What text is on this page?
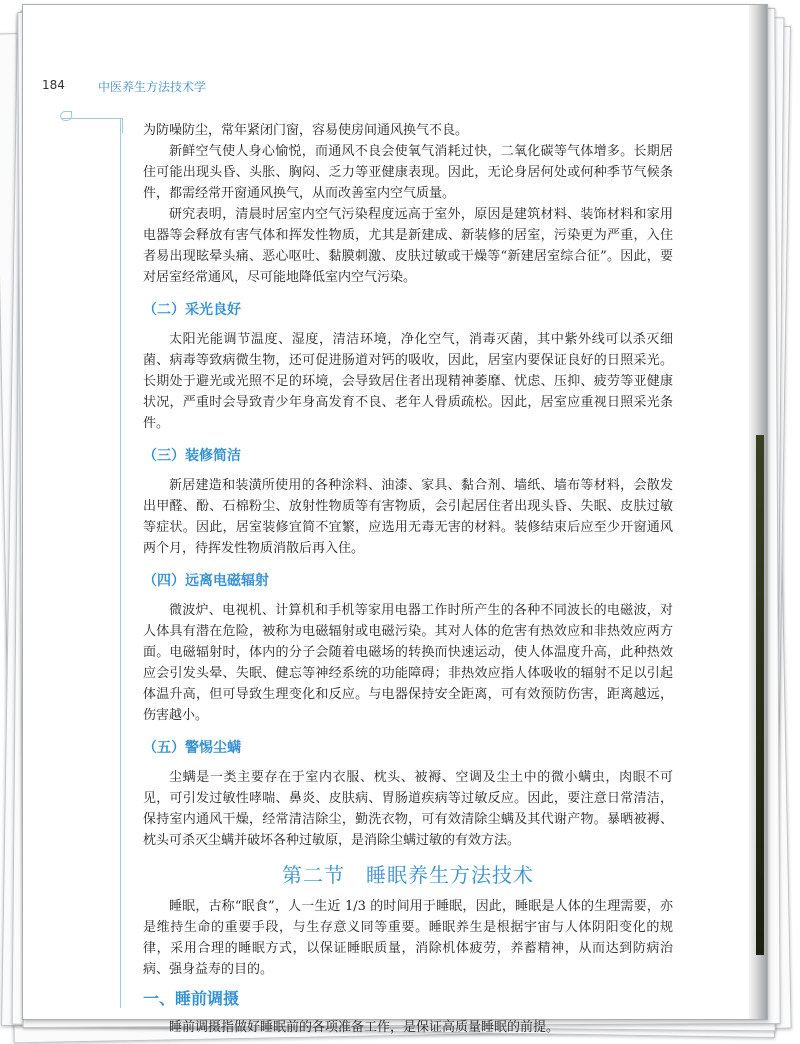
184	中医养生方法技术学

为防噪防尘，常年紧闭门窗，容易使房间通风换气不良。

新鲜空气使人身心愉悦，而通风不良会使氧气消耗过快，二氧化碳等气体增多。长期居住可能出现头昏、头胀、胸闷、乏力等亚健康表现。因此，无论身居何处或何种季节气候条件，都需经常开窗通风换气，从而改善室内空气质量。

研究表明，清晨时居室内空气污染程度远高于室外，原因是建筑材料、装饰材料和家用电器等会释放有害气体和挥发性物质，尤其是新建成、新装修的居室，污染更为严重，入住者易出现眩晕头痛、恶心呕吐、黏膜刺激、皮肤过敏或干燥等“新建居室综合征”。因此，要对居室经常通风，尽可能地降低室内空气污染。

（二）采光良好

太阳光能调节温度、湿度，清洁环境，净化空气，消毒灭菌，其中紫外线可以杀灭细菌、病毒等致病微生物，还可促进肠道对钙的吸收，因此，居室内要保证良好的日照采光。长期处于避光或光照不足的环境，会导致居住者出现精神萎靡、忧虑、压抑、疲劳等亚健康状况，严重时会导致青少年身高发育不良、老年人骨质疏松。因此，居室应重视日照采光条件。

（三）装修简洁

新居建造和装潢所使用的各种涂料、油漆、家具、黏合剂、墙纸、墙布等材料，会散发出甲醛、酚、石棉粉尘、放射性物质等有害物质，会引起居住者出现头昏、失眠、皮肤过敏等症状。因此，居室装修宜简不宜繁，应选用无毒无害的材料。装修结束后应至少开窗通风两个月，待挥发性物质消散后再入住。

（四）远离电磁辐射

微波炉、电视机、计算机和手机等家用电器工作时所产生的各种不同波长的电磁波，对人体具有潜在危险，被称为电磁辐射或电磁污染。其对人体的危害有热效应和非热效应两方面。电磁辐射时，体内的分子会随着电磁场的转换而快速运动，使人体温度升高，此种热效应会引发头晕、失眠、健忘等神经系统的功能障碍；非热效应指人体吸收的辐射不足以引起体温升高，但可导致生理变化和反应。与电器保持安全距离，可有效预防伤害，距离越远，伤害越小。

（五）警惕尘螨

尘螨是一类主要存在于室内衣服、枕头、被褥、空调及尘土中的微小螨虫，肉眼不可见，可引发过敏性哮喘、鼻炎、皮肤病、胃肠道疾病等过敏反应。因此，要注意日常清洁，保持室内通风干燥，经常清洁除尘，勤洗衣物，可有效清除尘螨及其代谢产物。暴晒被褥、枕头可杀灭尘螨并破坏各种过敏原，是消除尘螨过敏的有效方法。

第二节　睡眠养生方法技术

睡眠，古称“眠食”，人一生近 1/3 的时间用于睡眠，因此，睡眠是人体的生理需要，亦是维持生命的重要手段，与生存意义同等重要。睡眠养生是根据宇宙与人体阴阳变化的规律，采用合理的睡眠方式，以保证睡眠质量，消除机体疲劳，养蓄精神，从而达到防病治病、强身益寿的目的。

一、睡前调摄

睡前调摄指做好睡眠前的各项准备工作，是保证高质量睡眠的前提。
